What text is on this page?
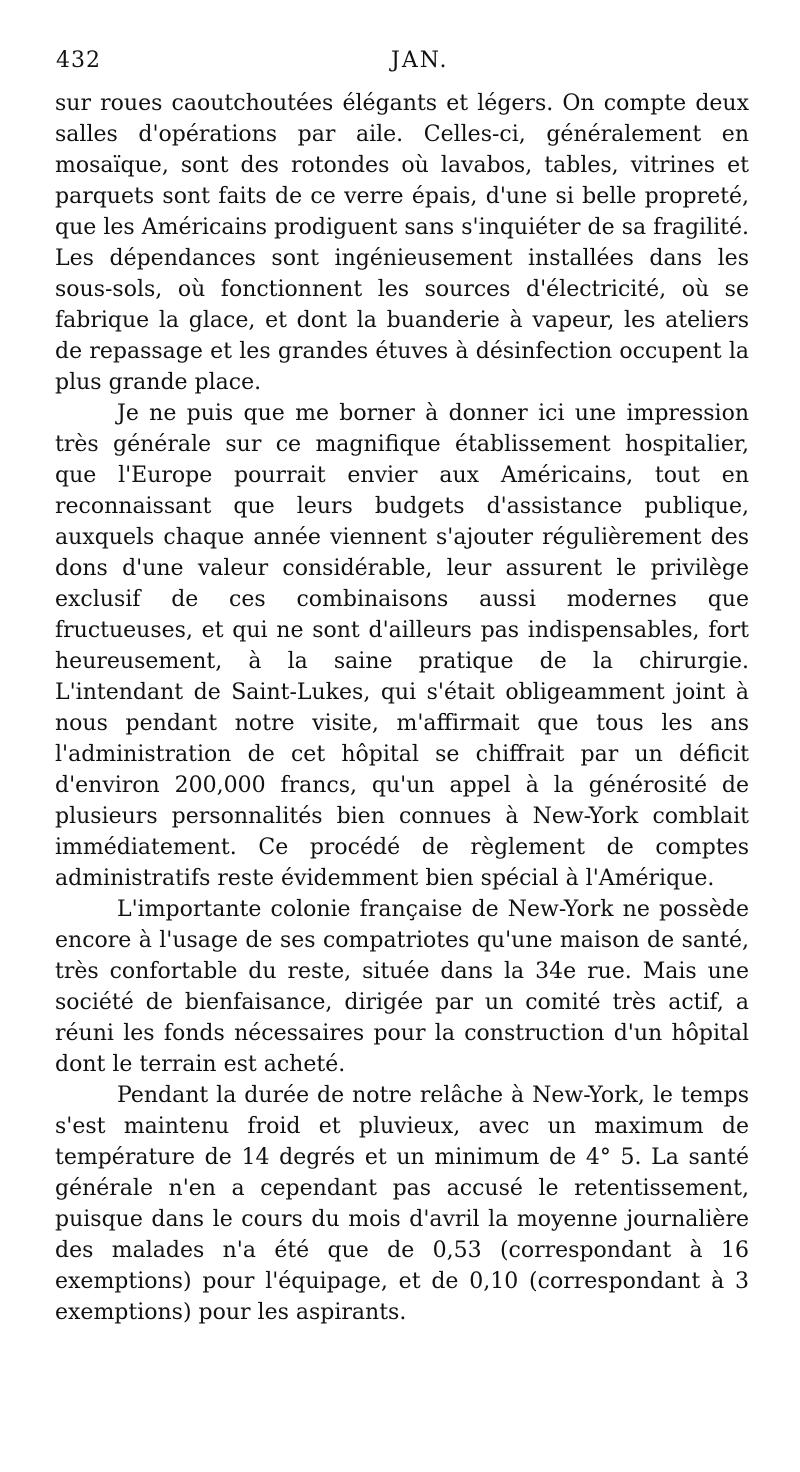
432	JAN.

sur roues caoutchoutées élégants et légers. On compte deux salles d'opérations par aile. Celles-ci, généralement en mosaïque, sont des rotondes où lavabos, tables, vitrines et parquets sont faits de ce verre épais, d'une si belle propreté, que les Américains prodiguent sans s'inquiéter de sa fragilité. Les dépendances sont ingénieusement installées dans les sous-sols, où fonctionnent les sources d'électricité, où se fabrique la glace, et dont la buanderie à vapeur, les ateliers de repassage et les grandes étuves à désinfection occupent la plus grande place.

Je ne puis que me borner à donner ici une impression très générale sur ce magnifique établissement hospitalier, que l'Europe pourrait envier aux Américains, tout en reconnaissant que leurs budgets d'assistance publique, auxquels chaque année viennent s'ajouter régulièrement des dons d'une valeur considérable, leur assurent le privilège exclusif de ces combinaisons aussi modernes que fructueuses, et qui ne sont d'ailleurs pas indispensables, fort heureusement, à la saine pratique de la chirurgie. L'intendant de Saint-Lukes, qui s'était obligeamment joint à nous pendant notre visite, m'affirmait que tous les ans l'administration de cet hôpital se chiffrait par un déficit d'environ 200,000 francs, qu'un appel à la générosité de plusieurs personnalités bien connues à New-York comblait immédiatement. Ce procédé de règlement de comptes administratifs reste évidemment bien spécial à l'Amérique.

L'importante colonie française de New-York ne possède encore à l'usage de ses compatriotes qu'une maison de santé, très confortable du reste, située dans la 34e rue. Mais une société de bienfaisance, dirigée par un comité très actif, a réuni les fonds nécessaires pour la construction d'un hôpital dont le terrain est acheté.

Pendant la durée de notre relâche à New-York, le temps s'est maintenu froid et pluvieux, avec un maximum de température de 14 degrés et un minimum de 4° 5. La santé générale n'en a cependant pas accusé le retentissement, puisque dans le cours du mois d'avril la moyenne journalière des malades n'a été que de 0,53 (correspondant à 16 exemptions) pour l'équipage, et de 0,10 (correspondant à 3 exemptions) pour les aspirants.
